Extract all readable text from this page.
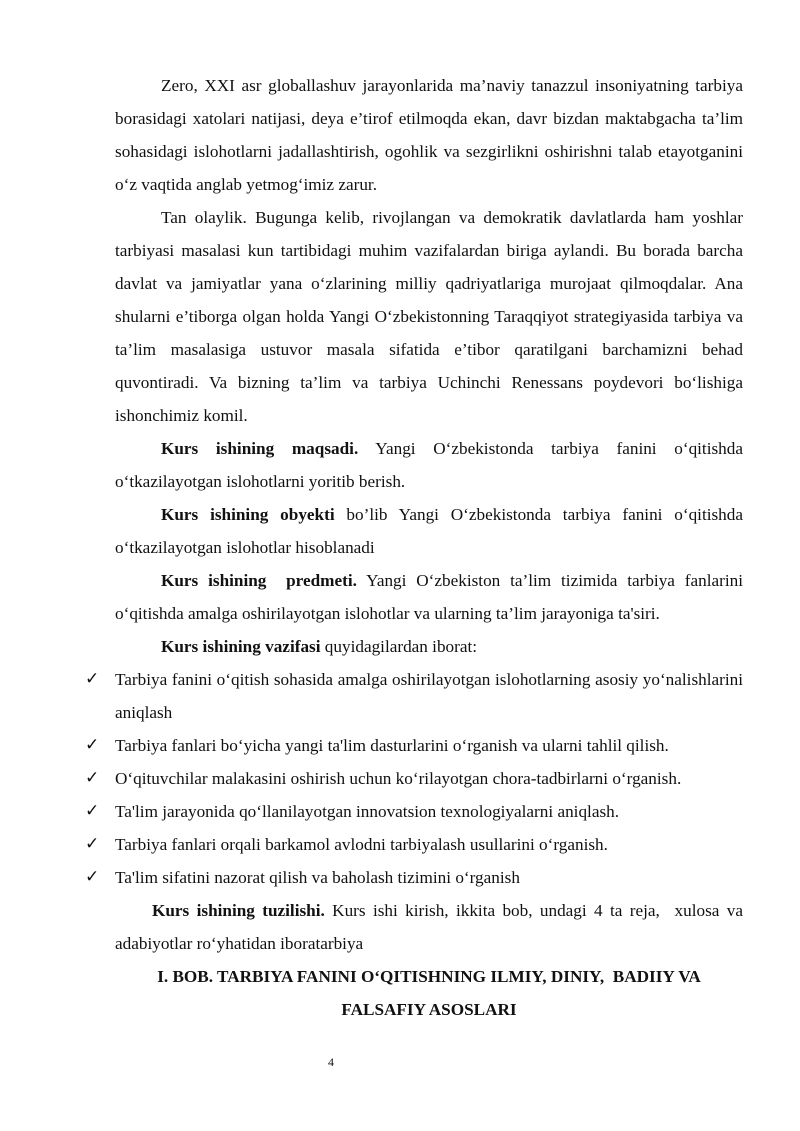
Zero, XXI asr globallashuv jarayonlarida ma’naviy tanazzul insoniyatning tarbiya borasidagi xatolari natijasi, deya e’tirof etilmoqda ekan, davr bizdan maktabgacha ta’lim sohasidagi islohotlarni jadallashtirish, ogohlik va sezgirlikni oshirishni talab etayotganini o‘z vaqtida anglab yetmog‘imiz zarur.

Tan olaylik. Bugunga kelib, rivojlangan va demokratik davlatlarda ham yoshlar tarbiyasi masalasi kun tartibidagi muhim vazifalardan biriga aylandi. Bu borada barcha davlat va jamiyatlar yana o‘zlarining milliy qadriyatlariga murojaat qilmoqdalar. Ana shularni e’tiborga olgan holda Yangi O‘zbekistonning Taraqqiyot strategiyasida tarbiya va ta’lim masalasiga ustuvor masala sifatida e’tibor qaratilgani barchamizni behad quvontiradi. Va bizning ta’lim va tarbiya Uchinchi Renessans poydevori bo‘lishiga ishonchimiz komil.

Kurs ishining maqsadi. Yangi O‘zbekistonda tarbiya fanini o‘qitishda o‘tkazilayotgan islohotlarni yoritib berish.

Kurs ishining obyekti bo’lib Yangi O‘zbekistonda tarbiya fanini o‘qitishda o‘tkazilayotgan islohotlar hisoblanadi

Kurs ishining  predmeti. Yangi O‘zbekiston ta’lim tizimida tarbiya fanlarini o‘qitishda amalga oshirilayotgan islohotlar va ularning ta’lim jarayoniga ta'siri.

Kurs ishining vazifasi quyidagilardan iborat:

✓ Tarbiya fanini o‘qitish sohasida amalga oshirilayotgan islohotlarning asosiy yo‘nalishlarini aniqlash
✓ Tarbiya fanlari bo‘yicha yangi ta'lim dasturlarini o‘rganish va ularni tahlil qilish.
✓ O‘qituvchilar malakasini oshirish uchun ko‘rilayotgan chora-tadbirlarni o‘rganish.
✓ Ta'lim jarayonida qo‘llanilayotgan innovatsion texnologiyalarni aniqlash.
✓ Tarbiya fanlari orqali barkamol avlodni tarbiyalash usullarini o‘rganish.
✓ Ta'lim sifatini nazorat qilish va baholash tizimini o‘rganish

Kurs ishining tuzilishi. Kurs ishi kirish, ikkita bob, undagi 4 ta reja,  xulosa va adabiyotlar ro‘yhatidan iboratarbiya

I. BOB. TARBIYA FANINI O‘QITISHNING ILMIY, DINIY,  BADIIY VA
FALSAFIY ASOSLARI

4
